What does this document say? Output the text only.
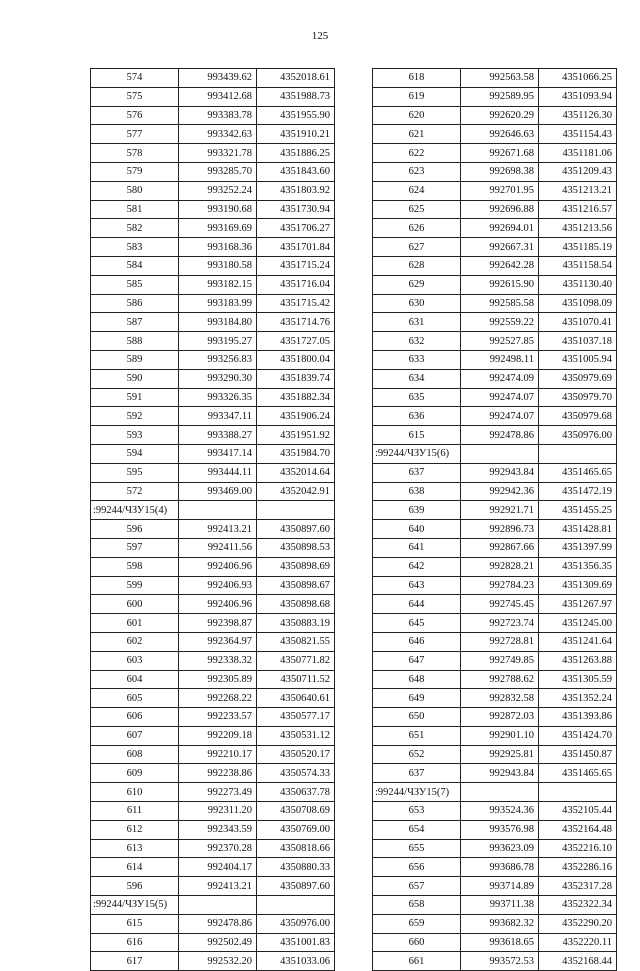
125
574	993439.62	4352018.61
575	993412.68	4351988.73
576	993383.78	4351955.90
577	993342.63	4351910.21
578	993321.78	4351886.25
579	993285.70	4351843.60
580	993252.24	4351803.92
581	993190.68	4351730.94
582	993169.69	4351706.27
583	993168.36	4351701.84
584	993180.58	4351715.24
585	993182.15	4351716.04
586	993183.99	4351715.42
587	993184.80	4351714.76
588	993195.27	4351727.05
589	993256.83	4351800.04
590	993290.30	4351839.74
591	993326.35	4351882.34
592	993347.11	4351906.24
593	993388.27	4351951.92
594	993417.14	4351984.70
595	993444.11	4352014.64
572	993469.00	4352042.91
:99244/ЧЗУ15(4)		
596	992413.21	4350897.60
597	992411.56	4350898.53
598	992406.96	4350898.69
599	992406.93	4350898.67
600	992406.96	4350898.68
601	992398.87	4350883.19
602	992364.97	4350821.55
603	992338.32	4350771.82
604	992305.89	4350711.52
605	992268.22	4350640.61
606	992233.57	4350577.17
607	992209.18	4350531.12
608	992210.17	4350520.17
609	992238.86	4350574.33
610	992273.49	4350637.78
611	992311.20	4350708.69
612	992343.59	4350769.00
613	992370.28	4350818.66
614	992404.17	4350880.33
596	992413.21	4350897.60
:99244/ЧЗУ15(5)		
615	992478.86	4350976.00
616	992502.49	4351001.83
617	992532.20	4351033.06
618	992563.58	4351066.25
619	992589.95	4351093.94
620	992620.29	4351126.30
621	992646.63	4351154.43
622	992671.68	4351181.06
623	992698.38	4351209.43
624	992701.95	4351213.21
625	992696.88	4351216.57
626	992694.01	4351213.56
627	992667.31	4351185.19
628	992642.28	4351158.54
629	992615.90	4351130.40
630	992585.58	4351098.09
631	992559.22	4351070.41
632	992527.85	4351037.18
633	992498.11	4351005.94
634	992474.09	4350979.69
635	992474.07	4350979.70
636	992474.07	4350979.68
615	992478.86	4350976.00
:99244/ЧЗУ15(6)		
637	992943.84	4351465.65
638	992942.36	4351472.19
639	992921.71	4351455.25
640	992896.73	4351428.81
641	992867.66	4351397.99
642	992828.21	4351356.35
643	992784.23	4351309.69
644	992745.45	4351267.97
645	992723.74	4351245.00
646	992728.81	4351241.64
647	992749.85	4351263.88
648	992788.62	4351305.59
649	992832.58	4351352.24
650	992872.03	4351393.86
651	992901.10	4351424.70
652	992925.81	4351450.87
637	992943.84	4351465.65
:99244/ЧЗУ15(7)		
653	993524.36	4352105.44
654	993576.98	4352164.48
655	993623.09	4352216.10
656	993686.78	4352286.16
657	993714.89	4352317.28
658	993711.38	4352322.34
659	993682.32	4352290.20
660	993618.65	4352220.11
661	993572.53	4352168.44
